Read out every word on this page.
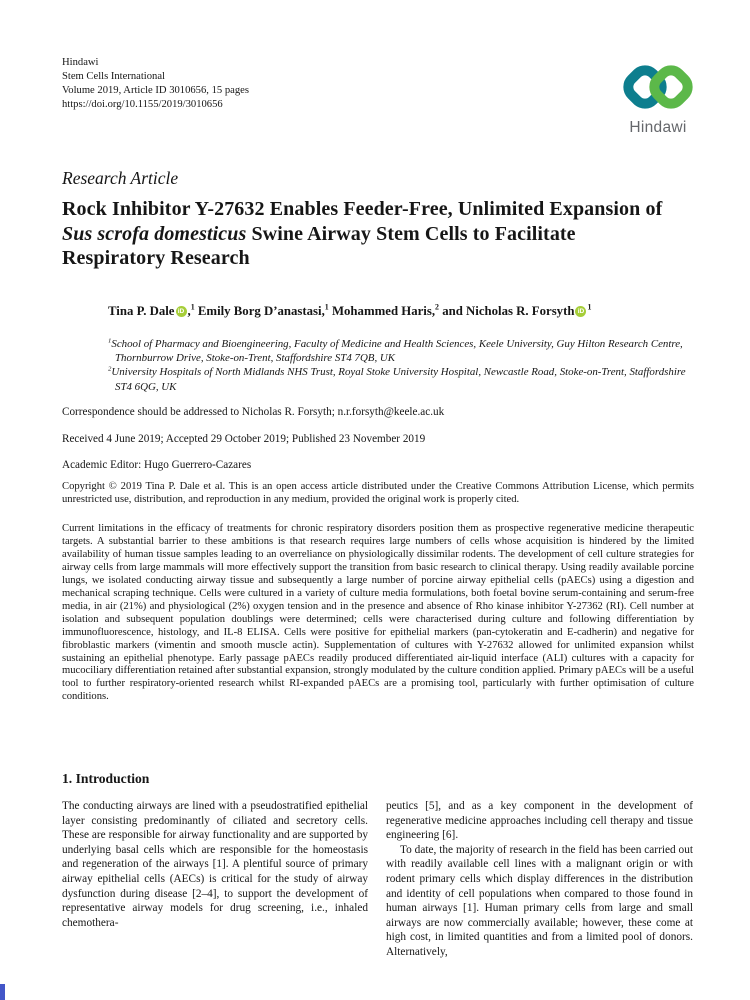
Hindawi
Stem Cells International
Volume 2019, Article ID 3010656, 15 pages
https://doi.org/10.1155/2019/3010656
Hindawi
Research Article
Rock Inhibitor Y-27632 Enables Feeder-Free, Unlimited Expansion of Sus scrofa domesticus Swine Airway Stem Cells to Facilitate Respiratory Research
Tina P. Dale iD ,$^1$ Emily Borg D’anastasi,$^1$ Mohammed Haris,$^2$ and Nicholas R. Forsyth iD $^1$
$^1$School of Pharmacy and Bioengineering, Faculty of Medicine and Health Sciences, Keele University, Guy Hilton Research Centre, Thornburrow Drive, Stoke-on-Trent, Staffordshire ST4 7QB, UK
$^2$University Hospitals of North Midlands NHS Trust, Royal Stoke University Hospital, Newcastle Road, Stoke-on-Trent, Staffordshire ST4 6QG, UK
Correspondence should be addressed to Nicholas R. Forsyth; n.r.forsyth@keele.ac.uk
Received 4 June 2019; Accepted 29 October 2019; Published 23 November 2019
Academic Editor: Hugo Guerrero-Cazares
Copyright © 2019 Tina P. Dale et al. This is an open access article distributed under the Creative Commons Attribution License, which permits unrestricted use, distribution, and reproduction in any medium, provided the original work is properly cited.
Current limitations in the efficacy of treatments for chronic respiratory disorders position them as prospective regenerative medicine therapeutic targets. A substantial barrier to these ambitions is that research requires large numbers of cells whose acquisition is hindered by the limited availability of human tissue samples leading to an overreliance on physiologically dissimilar rodents. The development of cell culture strategies for airway cells from large mammals will more effectively support the transition from basic research to clinical therapy. Using readily available porcine lungs, we isolated conducting airway tissue and subsequently a large number of porcine airway epithelial cells (pAECs) using a digestion and mechanical scraping technique. Cells were cultured in a variety of culture media formulations, both foetal bovine serum-containing and serum-free media, in air (21%) and physiological (2%) oxygen tension and in the presence and absence of Rho kinase inhibitor Y-27362 (RI). Cell number at isolation and subsequent population doublings were determined; cells were characterised during culture and following differentiation by immunofluorescence, histology, and IL-8 ELISA. Cells were positive for epithelial markers (pan-cytokeratin and E-cadherin) and negative for fibroblastic markers (vimentin and smooth muscle actin). Supplementation of cultures with Y-27632 allowed for unlimited expansion whilst sustaining an epithelial phenotype. Early passage pAECs readily produced differentiated air-liquid interface (ALI) cultures with a capacity for mucociliary differentiation retained after substantial expansion, strongly modulated by the culture condition applied. Primary pAECs will be a useful tool to further respiratory-oriented research whilst RI-expanded pAECs are a promising tool, particularly with further optimisation of culture conditions.
1. Introduction

The conducting airways are lined with a pseudostratified epithelial layer consisting predominantly of ciliated and secretory cells. These are responsible for airway functionality and are supported by underlying basal cells which are responsible for the homeostasis and regeneration of the airways [1]. A plentiful source of primary airway epithelial cells (AECs) is critical for the study of airway dysfunction during disease [2–4], to support the development of representative airway models for drug screening, i.e., inhaled chemothera-

peutics [5], and as a key component in the development of regenerative medicine approaches including cell therapy and tissue engineering [6].

To date, the majority of research in the field has been carried out with readily available cell lines with a malignant origin or with rodent primary cells which display differences in the distribution and identity of cell populations when compared to those found in human airways [1]. Human primary cells from large and small airways are now commercially available; however, these come at high cost, in limited quantities and from a limited pool of donors. Alternatively,
